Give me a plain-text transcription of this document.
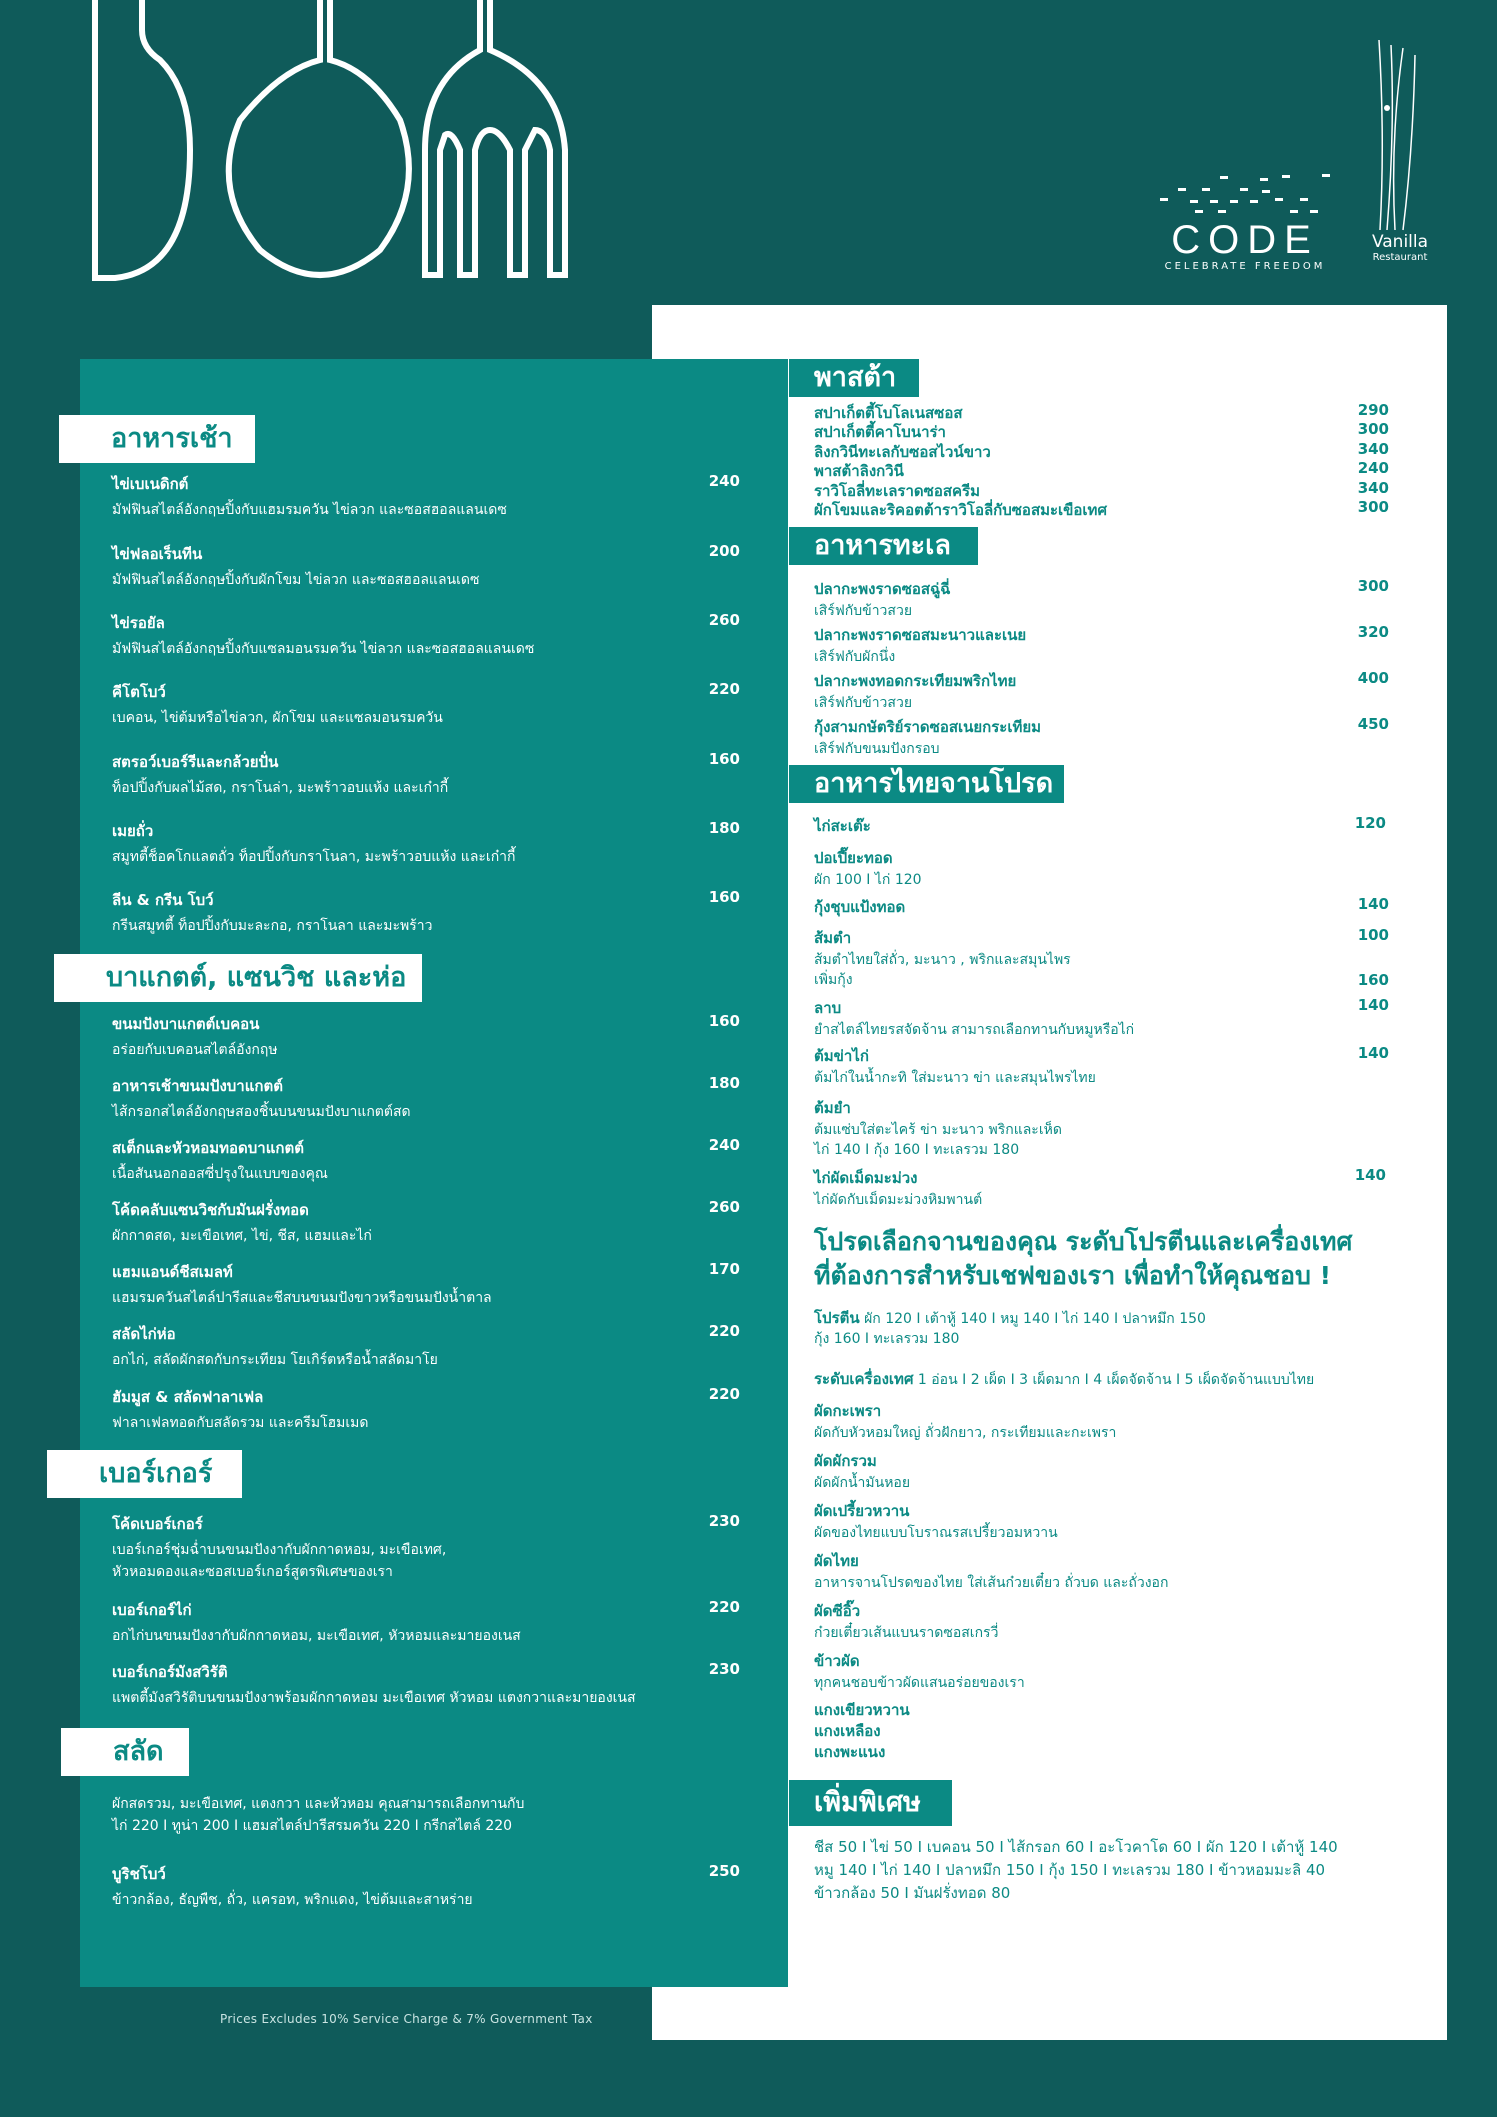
CODE
CELEBRATE FREEDOM
Vanilla
Restaurant
อาหารเช้า
ไข่เบเนดิกต์	240
มัฟฟินสไตล์อังกฤษปิ้งกับแฮมรมควัน ไข่ลวก และซอสฮอลแลนเดซ
ไข่ฟลอเร็นทีน	200
มัฟฟินสไตล์อังกฤษปิ้งกับผักโขม ไข่ลวก และซอสฮอลแลนเดซ
ไข่รอยัล	260
มัฟฟินสไตล์อังกฤษปิ้งกับแซลมอนรมควัน ไข่ลวก และซอสฮอลแลนเดซ
คีโตโบว์	220
เบคอน, ไข่ต้มหรือไข่ลวก, ผักโขม และแซลมอนรมควัน
สตรอว์เบอร์รีและกล้วยปั่น	160
ท็อปปิ้งกับผลไม้สด, กราโนล่า, มะพร้าวอบแห้ง และเก๋ากี้
เมยถั่ว	180
สมูทตี้ช็อคโกแลตถั่ว ท็อปปิ้งกับกราโนลา, มะพร้าวอบแห้ง และเก๋ากี้
ลีน & กรีน โบว์	160
กรีนสมูทตี้ ท็อปปิ้งกับมะละกอ, กราโนลา และมะพร้าว
บาแกตต์, แซนวิช และห่อ
ขนมปังบาแกตต์เบคอน	160
อร่อยกับเบคอนสไตล์อังกฤษ
อาหารเช้าขนมปังบาแกตต์	180
ไส้กรอกสไตล์อังกฤษสองชิ้นบนขนมปังบาแกตต์สด
สเต็กและหัวหอมทอดบาแกตต์	240
เนื้อสันนอกออสซี่ปรุงในแบบของคุณ
โค้ดคลับแซนวิชกับมันฝรั่งทอด	260
ผักกาดสด, มะเขือเทศ, ไข่, ชีส, แฮมและไก่
แฮมแอนด์ชีสเมลท์	170
แฮมรมควันสไตล์ปารีสและชีสบนขนมปังขาวหรือขนมปังน้ำตาล
สลัดไก่ห่อ	220
อกไก่, สลัดผักสดกับกระเทียม โยเกิร์ตหรือน้ำสลัดมาโย
ฮัมมูส & สลัดฟาลาเฟล	220
ฟาลาเฟลทอดกับสลัดรวม และครีมโฮมเมด
เบอร์เกอร์
โค้ดเบอร์เกอร์	230
เบอร์เกอร์ชุ่มฉ่ำบนขนมปังงากับผักกาดหอม, มะเขือเทศ,
หัวหอมดองและซอสเบอร์เกอร์สูตรพิเศษของเรา
เบอร์เกอร์ไก่	220
อกไก่บนขนมปังงากับผักกาดหอม, มะเขือเทศ, หัวหอมและมายองเนส
เบอร์เกอร์มังสวิรัติ	230
แพตตี้มังสวิรัติบนขนมปังงาพร้อมผักกาดหอม มะเขือเทศ หัวหอม แตงกวาและมายองเนส
สลัด
ผักสดรวม, มะเขือเทศ, แตงกวา และหัวหอม คุณสามารถเลือกทานกับ
ไก่ 220 I ทูน่า 200 I แฮมสไตล์ปารีสรมควัน 220 I กรีกสไตล์ 220
บูริชโบว์	250
ข้าวกล้อง, ธัญพืช, ถั่ว, แครอท, พริกแดง, ไข่ต้มและสาหร่าย
Prices Excludes 10% Service Charge & 7% Government Tax
พาสต้า
สปาเก็ตตี้โบโลเนสซอส	290
สปาเก็ตตี้คาโบนาร่า	300
ลิงกวินีทะเลกับซอสไวน์ขาว	340
พาสต้าลิงกวินี	240
ราวิโอลี่ทะเลราดซอสครีม	340
ผักโขมและริคอตต้าราวิโอลี่กับซอสมะเขือเทศ	300
อาหารทะเล
ปลากะพงราดซอสฉู่ฉี่	300
เสิร์ฟกับข้าวสวย
ปลากะพงราดซอสมะนาวและเนย	320
เสิร์ฟกับผักนึ่ง
ปลากะพงทอดกระเทียมพริกไทย	400
เสิร์ฟกับข้าวสวย
กุ้งสามกษัตริย์ราดซอสเนยกระเทียม	450
เสิร์ฟกับขนมปังกรอบ
อาหารไทยจานโปรด
ไก่สะเต๊ะ	120
ปอเปี๊ยะทอด
ผัก 100 I ไก่ 120
กุ้งชุบแป้งทอด	140
ส้มตำ	100
ส้มตำไทยใส่ถั่ว, มะนาว , พริกและสมุนไพร
เพิ่มกุ้ง	160
ลาบ	140
ยำสไตล์ไทยรสจัดจ้าน สามารถเลือกทานกับหมูหรือไก่
ต้มข่าไก่	140
ต้มไก่ในน้ำกะทิ ใส่มะนาว ข่า และสมุนไพรไทย
ต้มยำ
ต้มแซ่บใส่ตะไคร้ ข่า มะนาว พริกและเห็ด
ไก่ 140 I กุ้ง 160 I ทะเลรวม 180
ไก่ผัดเม็ดมะม่วง	140
ไก่ผัดกับเม็ดมะม่วงหิมพานต์
โปรดเลือกจานของคุณ ระดับโปรตีนและเครื่องเทศ
ที่ต้องการสำหรับเชฟของเรา เพื่อทำให้คุณชอบ !
โปรตีน ผัก 120 I เต้าหู้ 140 I หมู 140 I ไก่ 140 I ปลาหมึก 150
กุ้ง 160 I ทะเลรวม 180
ระดับเครื่องเทศ 1 อ่อน I 2 เผ็ด I 3 เผ็ดมาก I 4 เผ็ดจัดจ้าน I 5 เผ็ดจัดจ้านแบบไทย
ผัดกะเพรา
ผัดกับหัวหอมใหญ่ ถั่วฝักยาว, กระเทียมและกะเพรา
ผัดผักรวม
ผัดผักน้ำมันหอย
ผัดเปรี้ยวหวาน
ผัดของไทยแบบโบราณรสเปรี้ยวอมหวาน
ผัดไทย
อาหารจานโปรดของไทย ใส่เส้นก๋วยเตี๋ยว ถั่วบด และถั่วงอก
ผัดซีอิ๊ว
ก๋วยเตี๋ยวเส้นแบนราดซอสเกรวี่
ข้าวผัด
ทุกคนชอบข้าวผัดแสนอร่อยของเรา
แกงเขียวหวาน
แกงเหลือง
แกงพะแนง
เพิ่มพิเศษ
ชีส 50 I ไข่ 50 I เบคอน 50 I ไส้กรอก 60 I อะโวคาโด 60 I ผัก 120 I เต้าหู้ 140
หมู 140 I ไก่ 140 I ปลาหมึก 150 I กุ้ง 150 I ทะเลรวม 180 I ข้าวหอมมะลิ 40
ข้าวกล้อง 50 I มันฝรั่งทอด 80
